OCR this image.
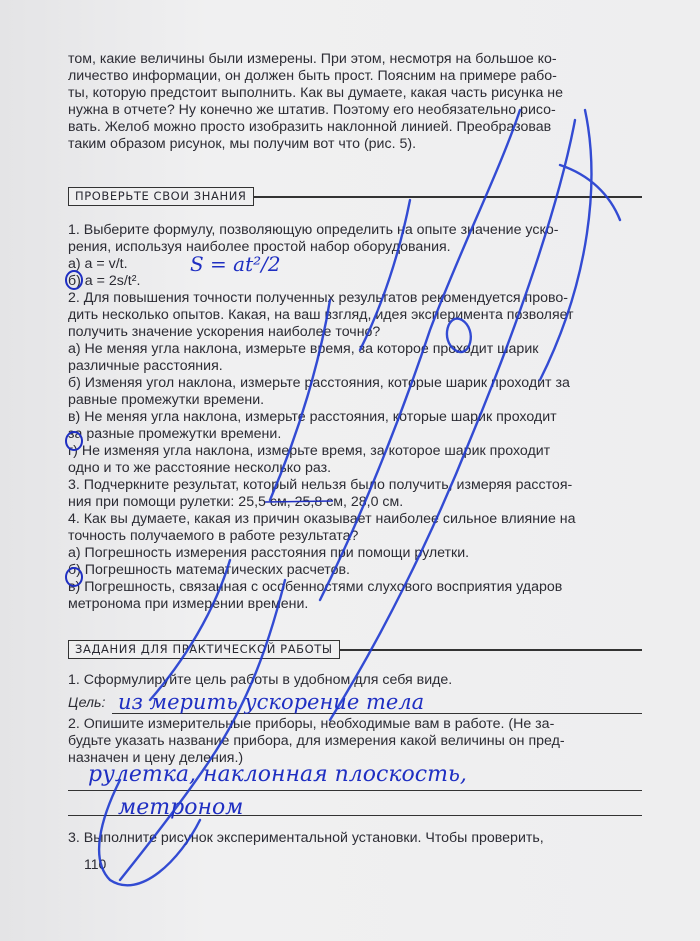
том, какие величины были измерены. При этом, несмотря на большое ко-
личество информации, он должен быть прост. Поясним на примере рабо-
ты, которую предстоит выполнить. Как вы думаете, какая часть рисунка не
нужна в отчете? Ну конечно же штатив. Поэтому его необязательно рисо-
вать. Желоб можно просто изобразить наклонной линией. Преобразовав
таким образом рисунок, мы получим вот что (рис. 5).
ПРОВЕРЬТЕ СВОИ ЗНАНИЯ
1. Выберите формулу, позволяющую определить на опыте значение уско-
рения, используя наиболее простой набор оборудования.
а) a = v/t.
б) a = 2s/t².
2. Для повышения точности полученных результатов рекомендуется прово-
дить несколько опытов. Какая, на ваш взгляд, идея эксперимента позволяет
получить значение ускорения наиболее точно?
а) Не меняя угла наклона, измерьте время, за которое проходит шарик
различные расстояния.
б) Изменяя угол наклона, измерьте расстояния, которые шарик проходит за
равные промежутки времени.
в) Не меняя угла наклона, измерьте расстояния, которые шарик проходит
за разные промежутки времени.
г) Не изменяя угла наклона, измерьте время, за которое шарик проходит
одно и то же расстояние несколько раз.
3. Подчеркните результат, который нельзя было получить, измеряя расстоя-
ния при помощи рулетки: 25,5 см, 25,8 см, 28,0 см.
4. Как вы думаете, какая из причин оказывает наиболее сильное влияние на
точность получаемого в работе результата?
а) Погрешность измерения расстояния при помощи рулетки.
б) Погрешность математических расчетов.
в) Погрешность, связанная с особенностями слухового восприятия ударов
метронома при измерении времени.
ЗАДАНИЯ ДЛЯ ПРАКТИЧЕСКОЙ РАБОТЫ
1. Сформулируйте цель работы в удобном для себя виде.
Цель:
2. Опишите измерительные приборы, необходимые вам в работе. (Не за-
будьте указать название прибора, для измерения какой величины он пред-
назначен и цену деления.)
3. Выполните рисунок экспериментальной установки. Чтобы проверить,
110
S = at²/2
из мерить ускорение тела
рулетка, наклонная плоскость,
метроном
